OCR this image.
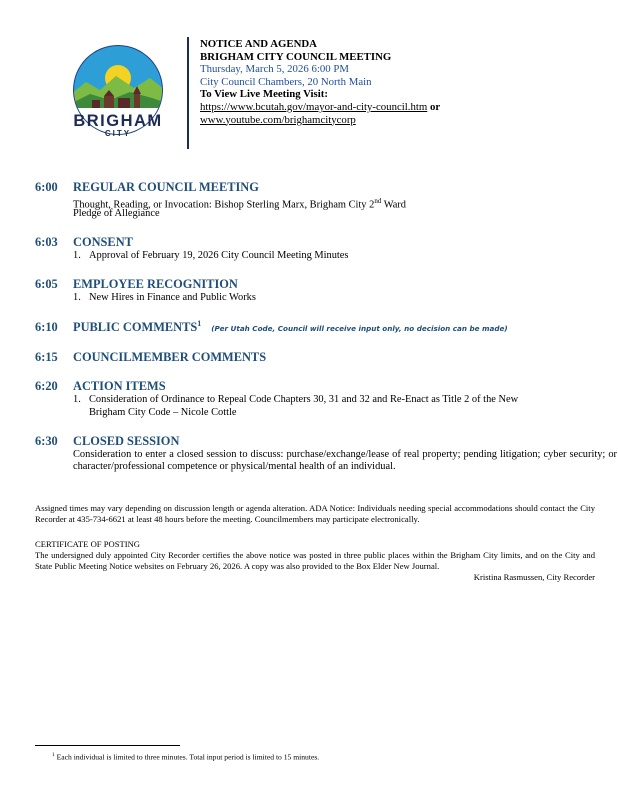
BRIGHAM
CITY
NOTICE AND AGENDA
BRIGHAM CITY COUNCIL MEETING
Thursday, March 5, 2026 6:00 PM
City Council Chambers, 20 North Main
To View Live Meeting Visit:
https://www.bcutah.gov/mayor-and-city-council.htm or
www.youtube.com/brighamcitycorp
6:00	REGULAR COUNCIL MEETING
Thought, Reading, or Invocation: Bishop Sterling Marx, Brigham City 2nd Ward
Pledge of Allegiance
6:03	CONSENT
1. Approval of February 19, 2026 City Council Meeting Minutes
6:05	EMPLOYEE RECOGNITION
1. New Hires in Finance and Public Works
6:10	PUBLIC COMMENTS$^1$(Per Utah Code, Council will receive input only, no decision can be made)
6:15	COUNCILMEMBER COMMENTS
6:20	ACTION ITEMS
1. Consideration of Ordinance to Repeal Code Chapters 30, 31 and 32 and Re-Enact as Title 2 of the New
Brigham City Code – Nicole Cottle
6:30	CLOSED SESSION
Consideration to enter a closed session to discuss: purchase/exchange/lease of real property; pending litigation; cyber security; or character/professional competence or physical/mental health of an individual.
Assigned times may vary depending on discussion length or agenda alteration. ADA Notice: Individuals needing special accommodations should contact the City Recorder at 435-734-6621 at least 48 hours before the meeting. Councilmembers may participate electronically.
CERTIFICATE OF POSTING
The undersigned duly appointed City Recorder certifies the above notice was posted in three public places within the Brigham City limits, and on the City and State Public Meeting Notice websites on February 26, 2026. A copy was also provided to the Box Elder New Journal.
Kristina Rasmussen, City Recorder
$^1$ Each individual is limited to three minutes. Total input period is limited to 15 minutes.
